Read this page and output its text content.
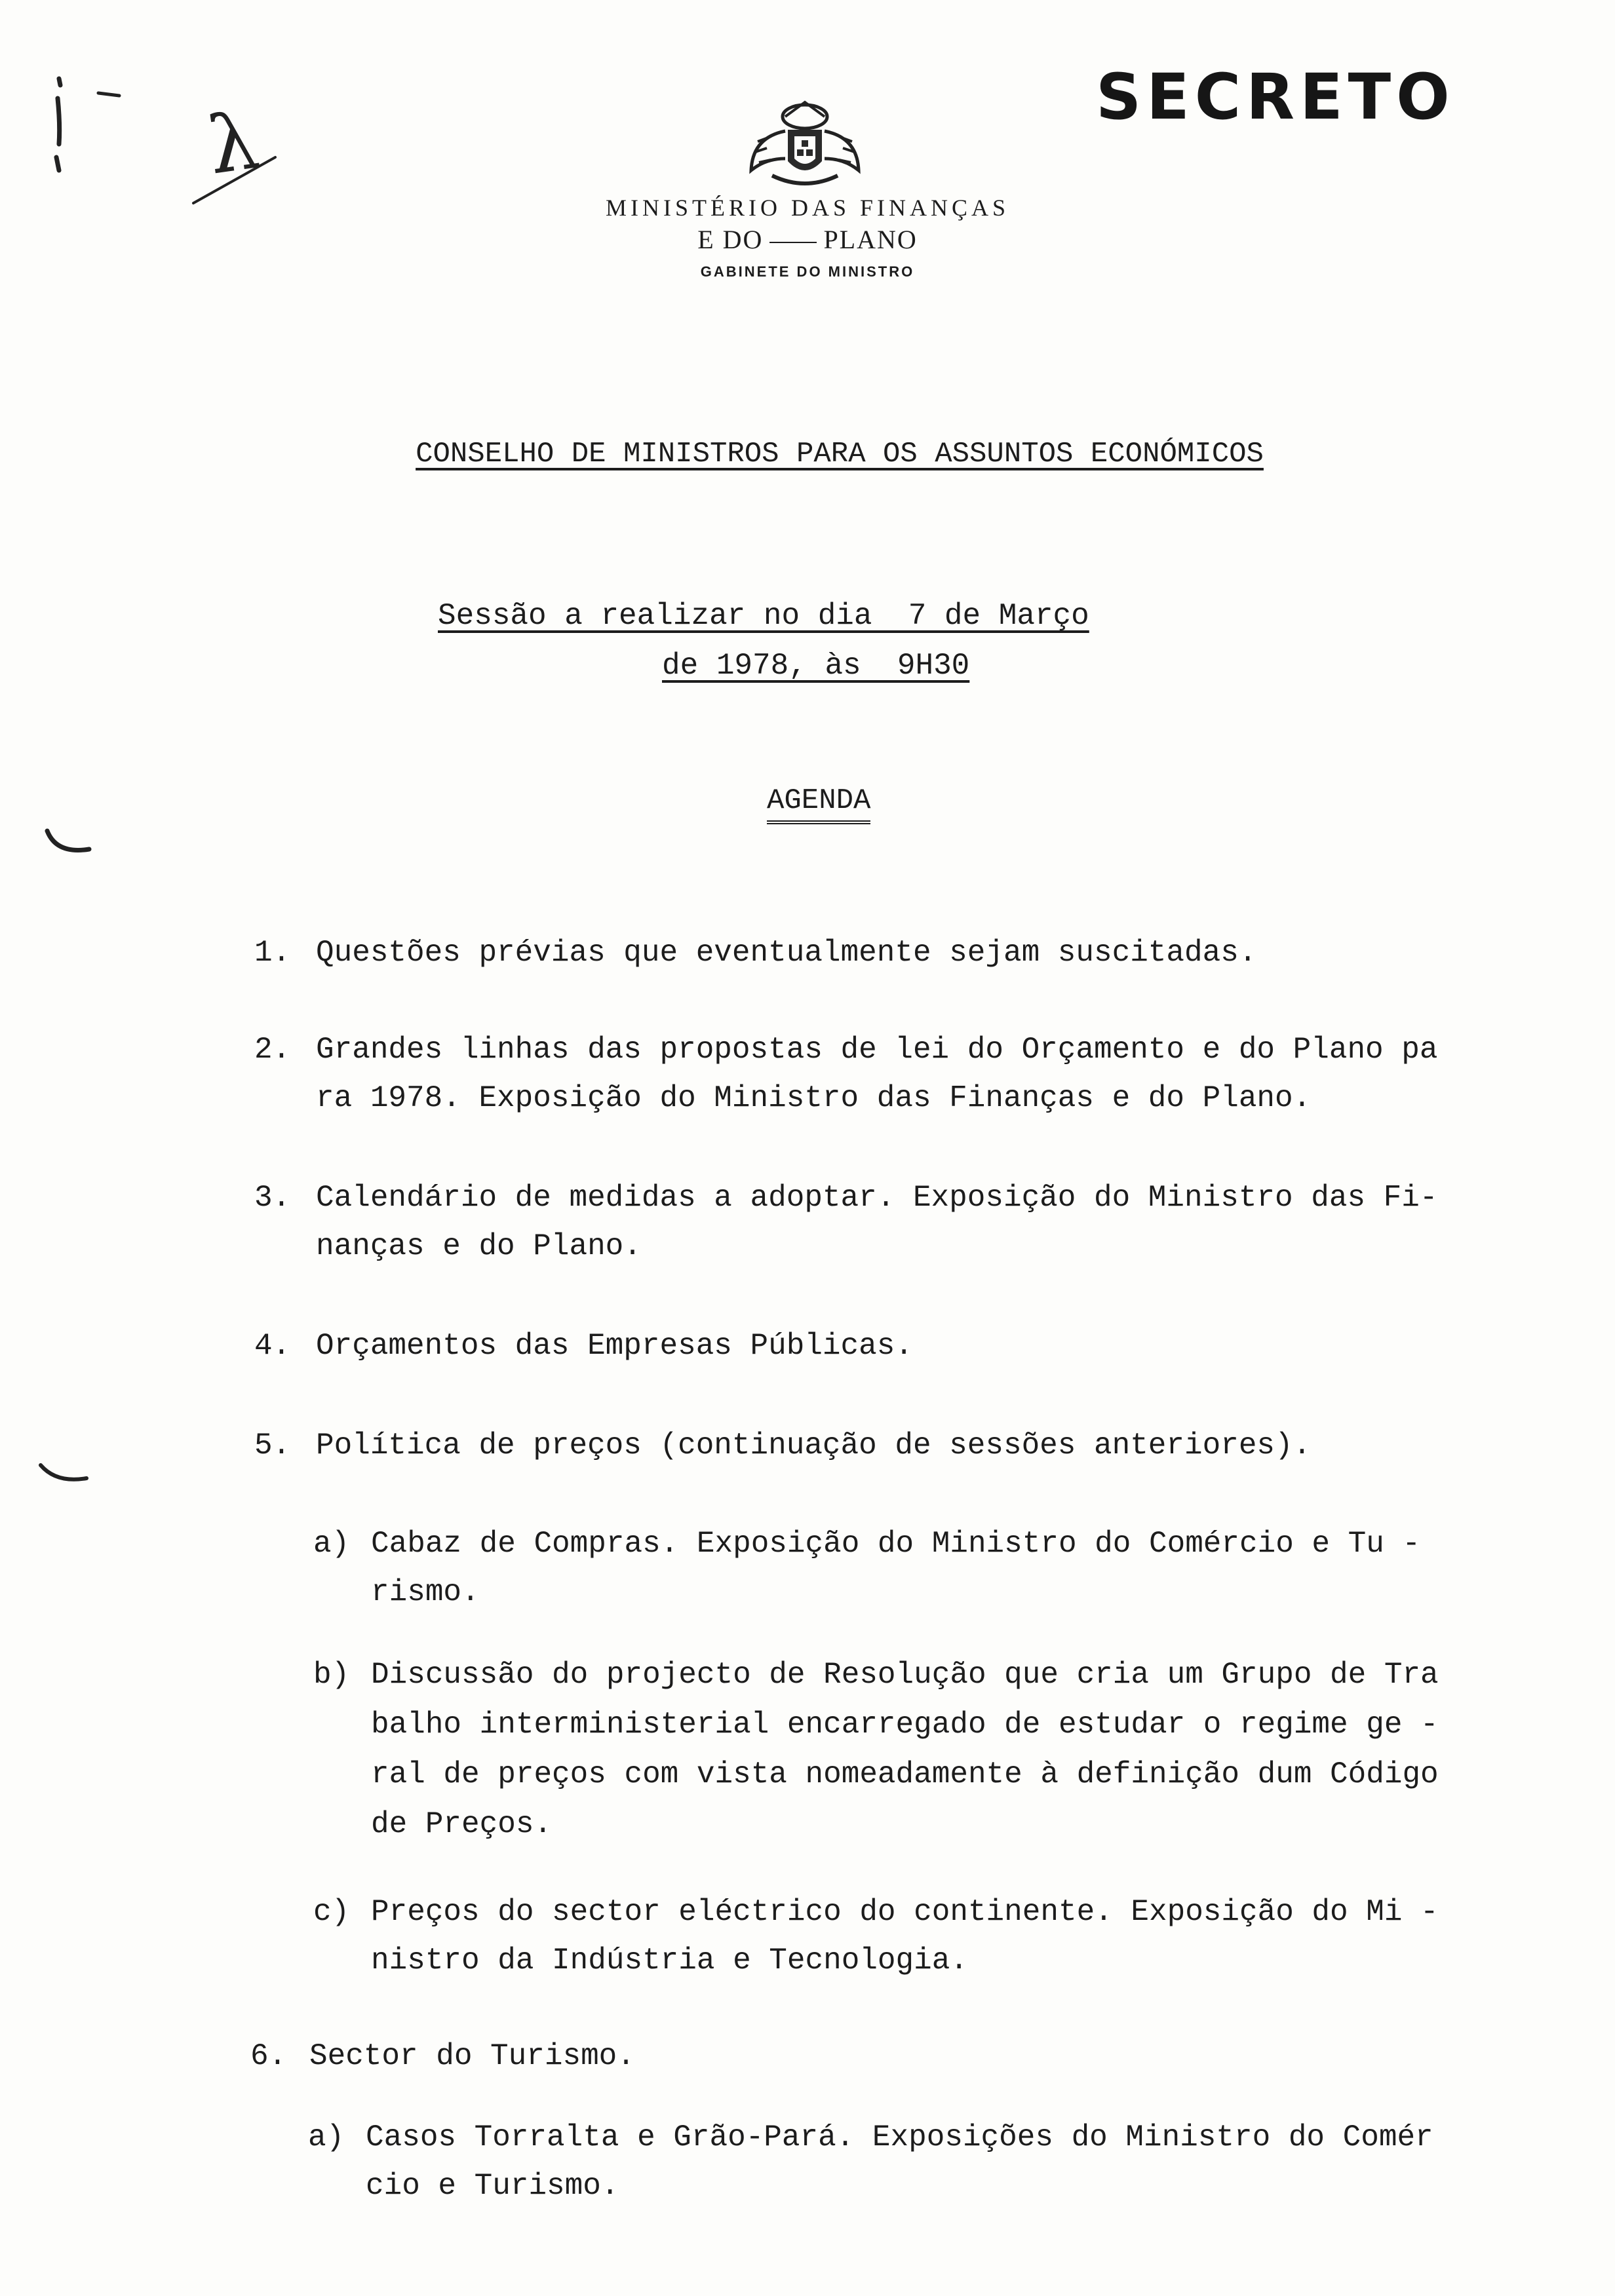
SECRETO
λ
MINISTÉRIO DAS FINANÇAS
E DO PLANO
GABINETE DO MINISTRO
CONSELHO DE MINISTROS PARA OS ASSUNTOS ECONÓMICOS
Sessão a realizar no dia  7 de Março
de 1978, às  9H30
AGENDA
1. Questões prévias que eventualmente sejam suscitadas.
2. Grandes linhas das propostas de lei do Orçamento e do Plano pa
ra 1978. Exposição do Ministro das Finanças e do Plano.
3. Calendário de medidas a adoptar. Exposição do Ministro das Fi-
nanças e do Plano.
4. Orçamentos das Empresas Públicas.
5. Política de preços (continuação de sessões anteriores).
a) Cabaz de Compras. Exposição do Ministro do Comércio e Tu -
rismo.
b) Discussão do projecto de Resolução que cria um Grupo de Tra
balho interministerial encarregado de estudar o regime ge -
ral de preços com vista nomeadamente à definição dum Código
de Preços.
c) Preços do sector eléctrico do continente. Exposição do Mi -
nistro da Indústria e Tecnologia.
6. Sector do Turismo.
a) Casos Torralta e Grão-Pará. Exposições do Ministro do Comér
cio e Turismo.
